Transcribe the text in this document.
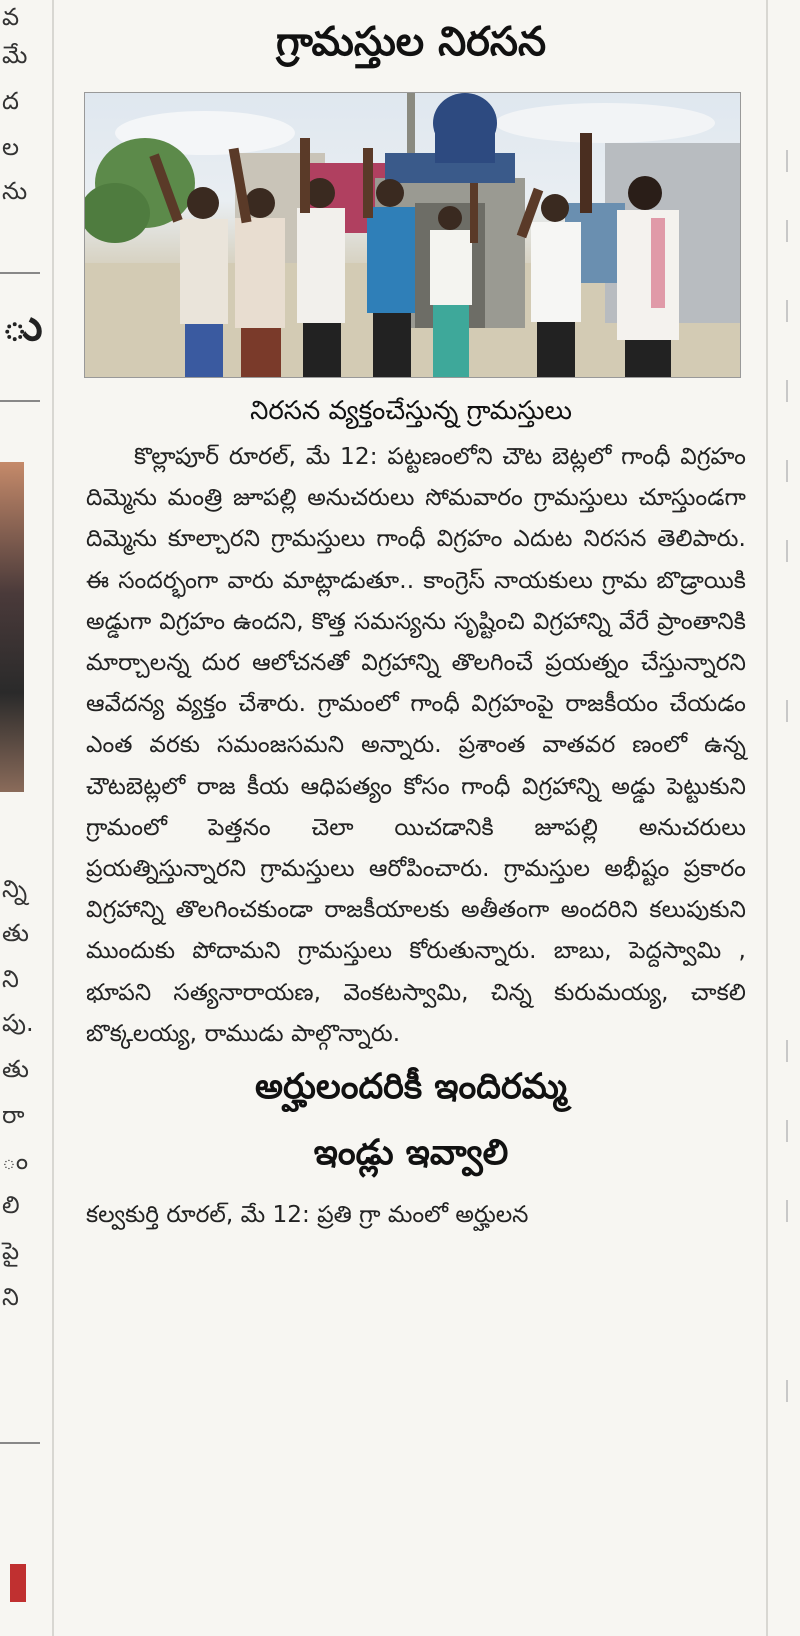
వ
మే
ద
ల
ను
ు
న్ని
తు
ని
పు.
తు
రా
ం
లి
పై
ని
గ్రామస్తుల నిరసన

నిరసన వ్యక్తంచేస్తున్న గ్రామస్తులు

కొల్లాపూర్ రూరల్, మే 12: పట్టణంలోని చౌట బెట్లలో గాంధీ విగ్రహం దిమ్మెను మంత్రి జూపల్లి అనుచరులు సోమవారం గ్రామస్తులు చూస్తుండగా దిమ్మెను కూల్చారని గ్రామస్తులు గాంధీ విగ్రహం ఎదుట నిరసన తెలిపారు. ఈ సందర్భంగా వారు మాట్లాడుతూ.. కాంగ్రెస్ నాయకులు గ్రామ బొడ్రాయికి అడ్డుగా విగ్రహం ఉందని, కొత్త సమస్యను సృష్టించి విగ్రహాన్ని వేరే ప్రాంతానికి మార్చాలన్న దుర ఆలోచనతో విగ్రహాన్ని తొలగించే ప్రయత్నం చేస్తున్నారని ఆవేదన్య వ్యక్తం చేశారు. గ్రామంలో గాంధీ విగ్రహంపై రాజకీయం చేయడం ఎంత వరకు సమంజసమని అన్నారు. ప్రశాంత వాతవర ణంలో ఉన్న చౌటబెట్లలో రాజ కీయ ఆధిపత్యం కోసం గాంధీ విగ్రహాన్ని అడ్డు పెట్టుకుని గ్రామంలో పెత్తనం చెలా యిచడానికి జూపల్లి అనుచరులు ప్రయత్నిస్తున్నారని గ్రామస్తులు ఆరోపించారు. గ్రామస్తుల అభీష్టం ప్రకారం విగ్రహాన్ని తొలగించకుండా రాజకీయాలకు అతీతంగా అందరిని కలుపుకుని ముందుకు పోదామని గ్రామస్తులు కోరుతున్నారు. బాబు, పెద్దస్వామి , భూపని సత్యనారాయణ, వెంకటస్వామి, చిన్న కురుమయ్య, చాకలి బొక్కలయ్య, రాముడు పాల్గొన్నారు.

అర్హులందరికీ ఇందిరమ్మ
ఇండ్లు ఇవ్వాలి

కల్వకుర్తి రూరల్, మే 12: ప్రతి గ్రా మంలో అర్హులన
